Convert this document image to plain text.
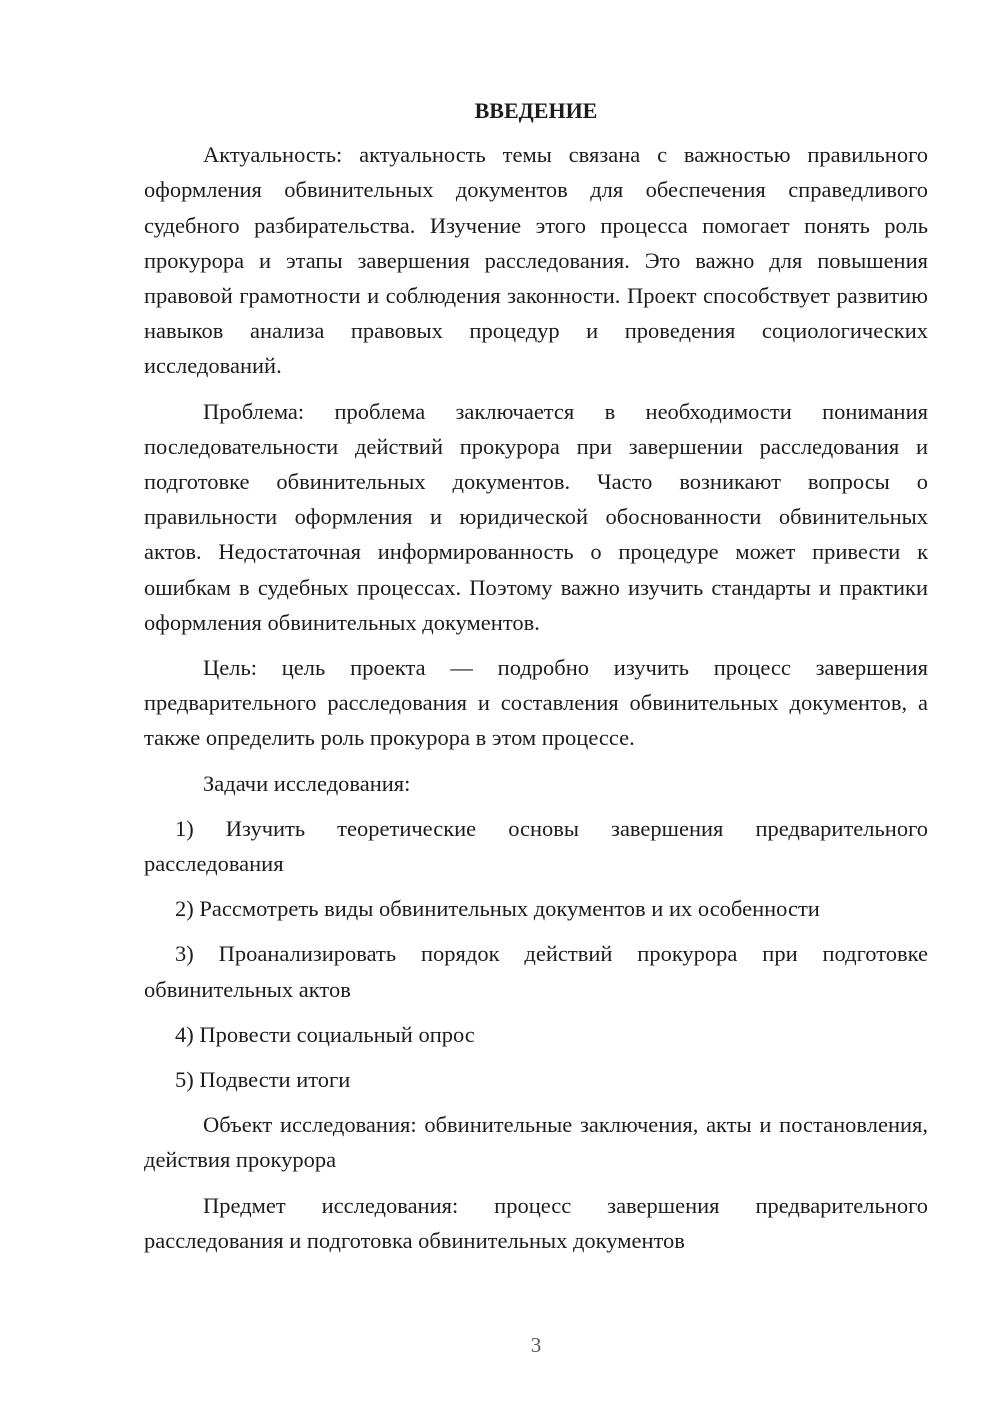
ВВЕДЕНИЕ

Актуальность: актуальность темы связана с важностью правильного оформления обвинительных документов для обеспечения справедливого судебного разбирательства. Изучение этого процесса помогает понять роль прокурора и этапы завершения расследования. Это важно для повышения правовой грамотности и соблюдения законности. Проект способствует развитию навыков анализа правовых процедур и проведения социологических исследований.

Проблема: проблема заключается в необходимости понимания последовательности действий прокурора при завершении расследования и подготовке обвинительных документов. Часто возникают вопросы о правильности оформления и юридической обоснованности обвинительных актов. Недостаточная информированность о процедуре может привести к ошибкам в судебных процессах. Поэтому важно изучить стандарты и практики оформления обвинительных документов.

Цель: цель проекта — подробно изучить процесс завершения предварительного расследования и составления обвинительных документов, а также определить роль прокурора в этом процессе.

Задачи исследования:

1) Изучить теоретические основы завершения предварительного расследования

2) Рассмотреть виды обвинительных документов и их особенности

3) Проанализировать порядок действий прокурора при подготовке обвинительных актов

4) Провести социальный опрос

5) Подвести итоги

Объект исследования: обвинительные заключения, акты и постановления, действия прокурора

Предмет исследования: процесс завершения предварительного расследования и подготовка обвинительных документов

3
